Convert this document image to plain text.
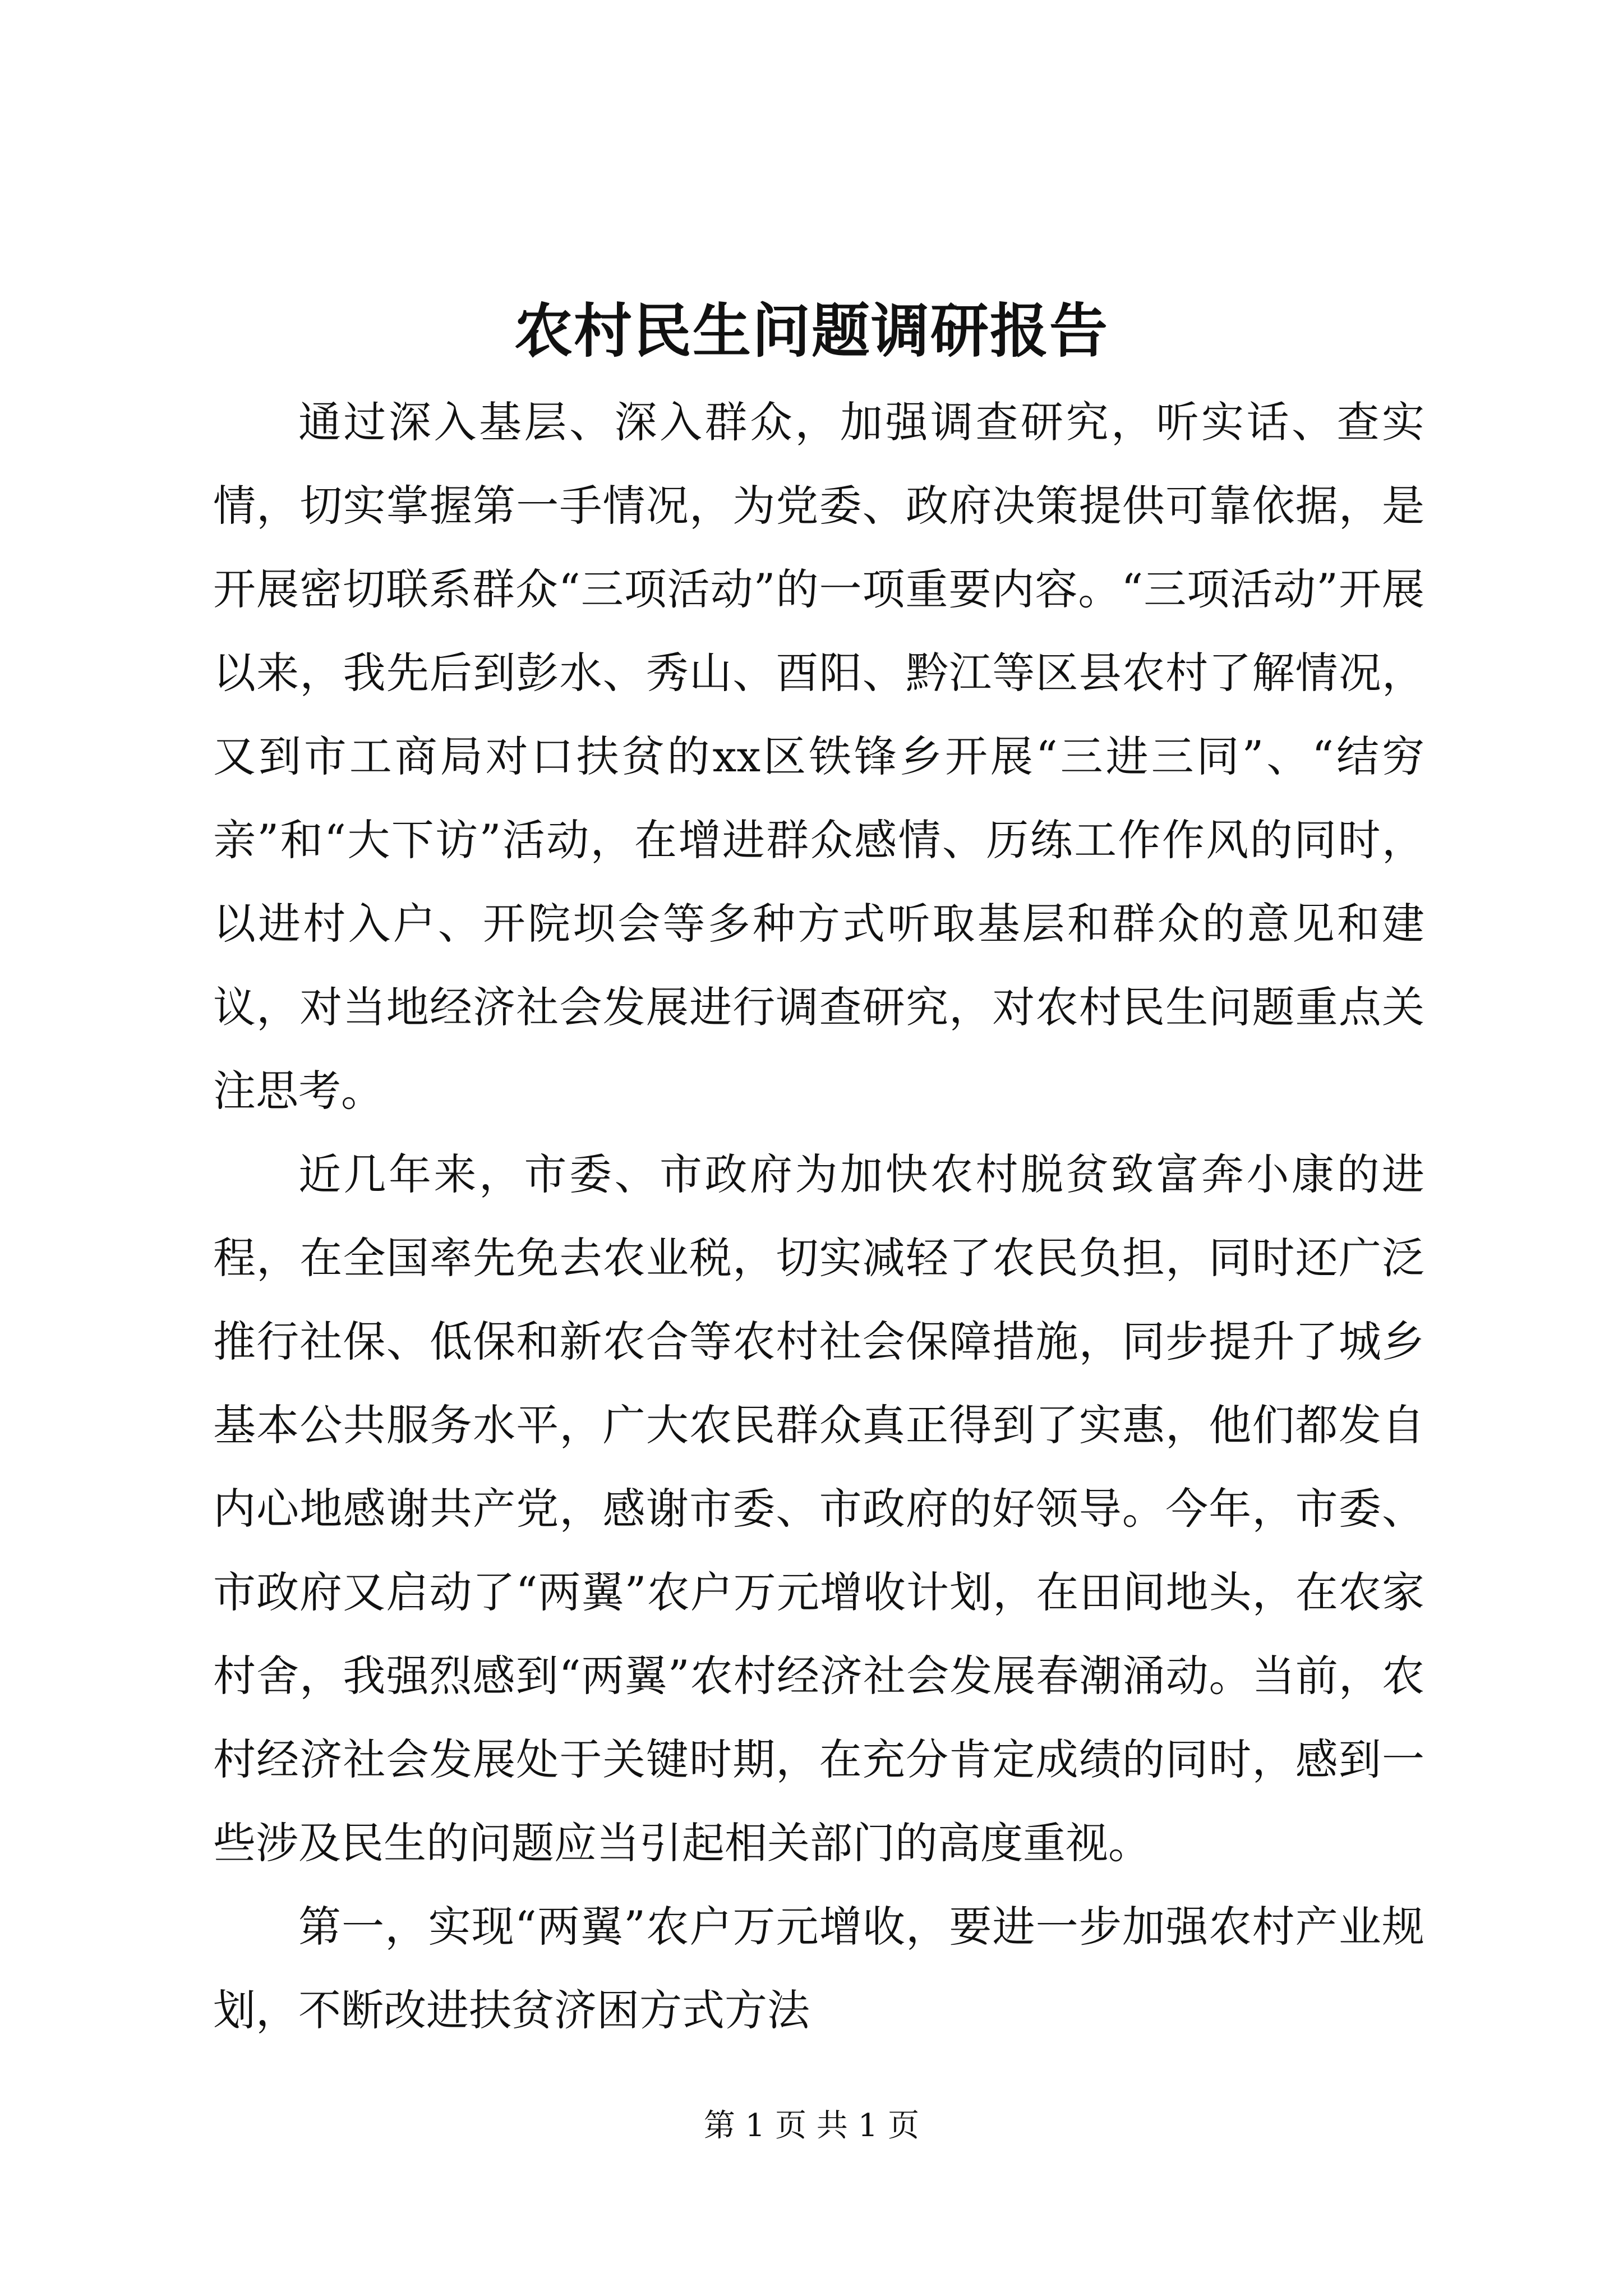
农村民生问题调研报告

通过深入基层、深入群众，加强调查研究，听实话、查实情，切实掌握第一手情况，为党委、政府决策提供可靠依据，是开展密切联系群众“三项活动”的一项重要内容。“三项活动”开展以来，我先后到彭水、秀山、酉阳、黔江等区县农村了解情况，又到市工商局对口扶贫的xx区铁锋乡开展“三进三同”、“结穷亲”和“大下访”活动，在增进群众感情、历练工作作风的同时，以进村入户、开院坝会等多种方式听取基层和群众的意见和建议，对当地经济社会发展进行调查研究，对农村民生问题重点关注思考。

近几年来，市委、市政府为加快农村脱贫致富奔小康的进程，在全国率先免去农业税，切实减轻了农民负担，同时还广泛推行社保、低保和新农合等农村社会保障措施，同步提升了城乡基本公共服务水平，广大农民群众真正得到了实惠，他们都发自内心地感谢共产党，感谢市委、市政府的好领导。今年，市委、市政府又启动了“两翼”农户万元增收计划，在田间地头，在农家村舍，我强烈感到“两翼”农村经济社会发展春潮涌动。当前，农村经济社会发展处于关键时期，在充分肯定成绩的同时，感到一些涉及民生的问题应当引起相关部门的高度重视。

第一，实现“两翼”农户万元增收，要进一步加强农村产业规划，不断改进扶贫济困方式方法

第 1 页 共 1 页
